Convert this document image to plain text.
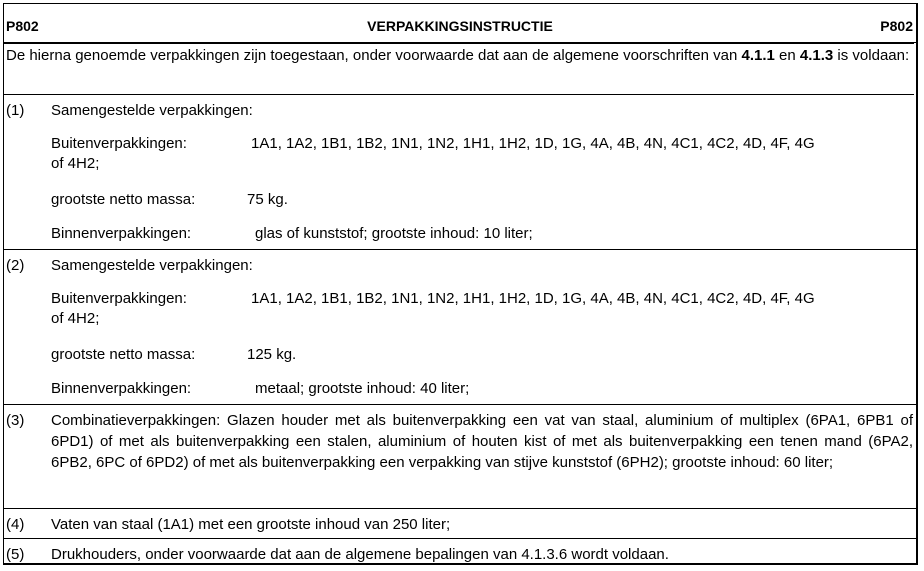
P802	VERPAKKINGSINSTRUCTIE	P802
De hierna genoemde verpakkingen zijn toegestaan, onder voorwaarde dat aan de algemene voorschriften van 4.1.1 en 4.1.3 is voldaan:
(1) Samengestelde verpakkingen:
Buitenverpakkingen:	1A1, 1A2, 1B1, 1B2, 1N1, 1N2, 1H1, 1H2, 1D, 1G, 4A, 4B, 4N, 4C1, 4C2, 4D, 4F, 4G
of 4H2;
grootste netto massa:	75 kg.
Binnenverpakkingen:	glas of kunststof; grootste inhoud: 10 liter;
(2) Samengestelde verpakkingen:
Buitenverpakkingen:	1A1, 1A2, 1B1, 1B2, 1N1, 1N2, 1H1, 1H2, 1D, 1G, 4A, 4B, 4N, 4C1, 4C2, 4D, 4F, 4G
of 4H2;
grootste netto massa:	125 kg.
Binnenverpakkingen:	metaal; grootste inhoud: 40 liter;
(3) Combinatieverpakkingen: Glazen houder met als buitenverpakking een vat van staal, aluminium of multiplex (6PA1, 6PB1 of 6PD1) of met als buitenverpakking een stalen, aluminium of houten kist of met als buitenverpakking een tenen mand (6PA2, 6PB2, 6PC of 6PD2) of met als buitenverpakking een verpakking van stijve kunststof (6PH2); grootste inhoud: 60 liter;
(4) Vaten van staal (1A1) met een grootste inhoud van 250 liter;
(5) Drukhouders, onder voorwaarde dat aan de algemene bepalingen van 4.1.3.6 wordt voldaan.
